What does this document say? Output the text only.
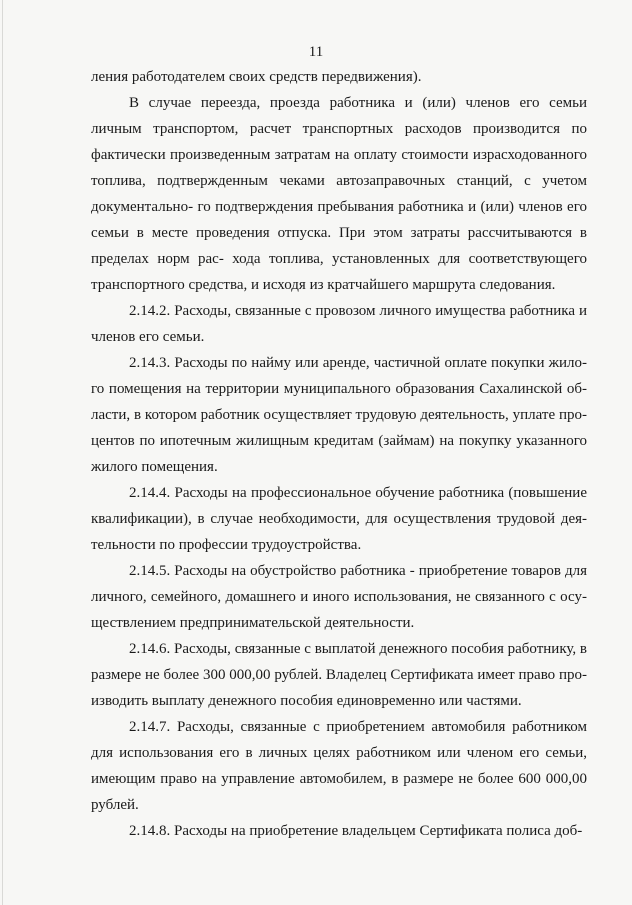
11

ления работодателем своих средств передвижения).

В случае переезда, проезда работника и (или) членов его семьи личным транспортом, расчет транспортных расходов производится по фактически произведенным затратам на оплату стоимости израсходованного топлива, подтвержденным чеками автозаправочных станций, с учетом документально- го подтверждения пребывания работника и (или) членов его семьи в месте проведения отпуска. При этом затраты рассчитываются в пределах норм рас- хода топлива, установленных для соответствующего транспортного средства, и исходя из кратчайшего маршрута следования.

2.14.2. Расходы, связанные с провозом личного имущества работника и членов его семьи.

2.14.3. Расходы по найму или аренде, частичной оплате покупки жило- го помещения на территории муниципального образования Сахалинской об- ласти, в котором работник осуществляет трудовую деятельность, уплате про- центов по ипотечным жилищным кредитам (займам) на покупку указанного жилого помещения.

2.14.4. Расходы на профессиональное обучение работника (повышение квалификации), в случае необходимости, для осуществления трудовой дея- тельности по профессии трудоустройства.

2.14.5. Расходы на обустройство работника - приобретение товаров для личного, семейного, домашнего и иного использования, не связанного с осу- ществлением предпринимательской деятельности.

2.14.6. Расходы, связанные с выплатой денежного пособия работнику, в размере не более 300 000,00 рублей. Владелец Сертификата имеет право про- изводить выплату денежного пособия единовременно или частями.

2.14.7. Расходы, связанные с приобретением автомобиля работником для использования его в личных целях работником или членом его семьи, имеющим право на управление автомобилем, в размере не более 600 000,00 рублей.

2.14.8. Расходы на приобретение владельцем Сертификата полиса доб-
